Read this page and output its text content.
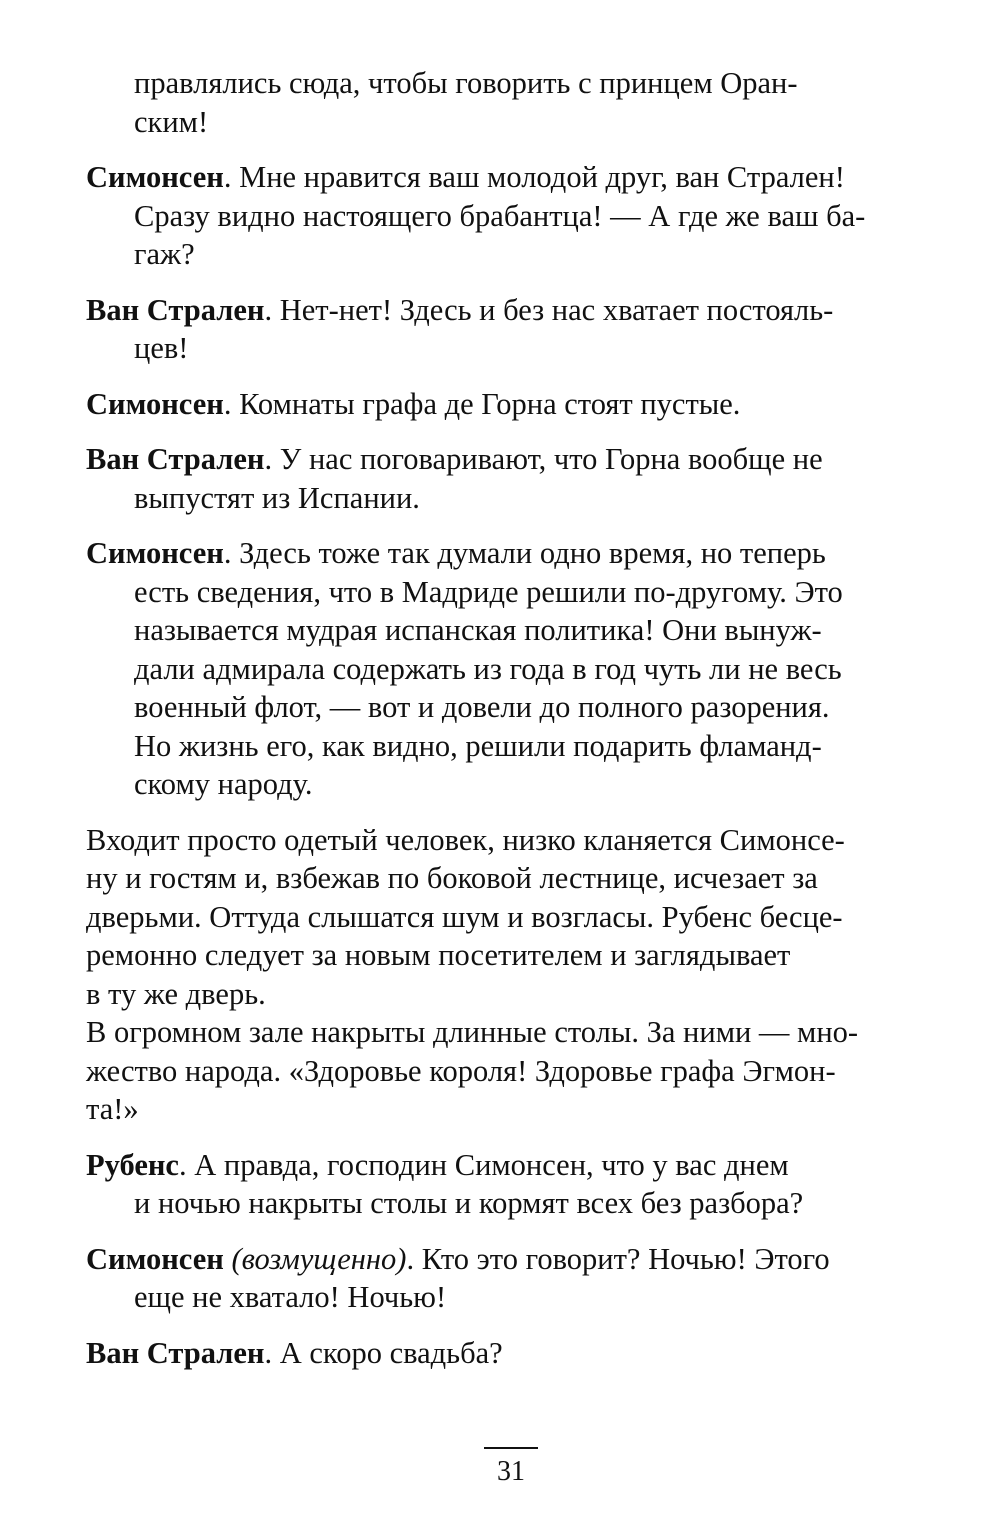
правлялись сюда, чтобы говорить с принцем Оран-
ским!
Симонсен. Мне нравится ваш молодой друг, ван Стрален!
Сразу видно настоящего брабантца! — А где же ваш ба-
гаж?
Ван Стрален. Нет-нет! Здесь и без нас хватает постояль-
цев!
Симонсен. Комнаты графа де Горна стоят пустые.
Ван Стрален. У нас поговаривают, что Горна вообще не
выпустят из Испании.
Симонсен. Здесь тоже так думали одно время, но теперь
есть сведения, что в Мадриде решили по-другому. Это
называется мудрая испанская политика! Они вынуж-
дали адмирала содержать из года в год чуть ли не весь
военный флот, — вот и довели до полного разорения.
Но жизнь его, как видно, решили подарить фламанд-
скому народу.
Входит просто одетый человек, низко кланяется Симонсе-
ну и гостям и, взбежав по боковой лестнице, исчезает за
дверьми. Оттуда слышатся шум и возгласы. Рубенс бесце-
ремонно следует за новым посетителем и заглядывает
в ту же дверь.
В огромном зале накрыты длинные столы. За ними — мно-
жество народа. «Здоровье короля! Здоровье графа Эгмон-
та!»
Рубенс. А правда, господин Симонсен, что у вас днем
и ночью накрыты столы и кормят всех без разбора?
Симонсен (возмущенно). Кто это говорит? Ночью! Этого
еще не хватало! Ночью!
Ван Стрален. А скоро свадьба?
31
